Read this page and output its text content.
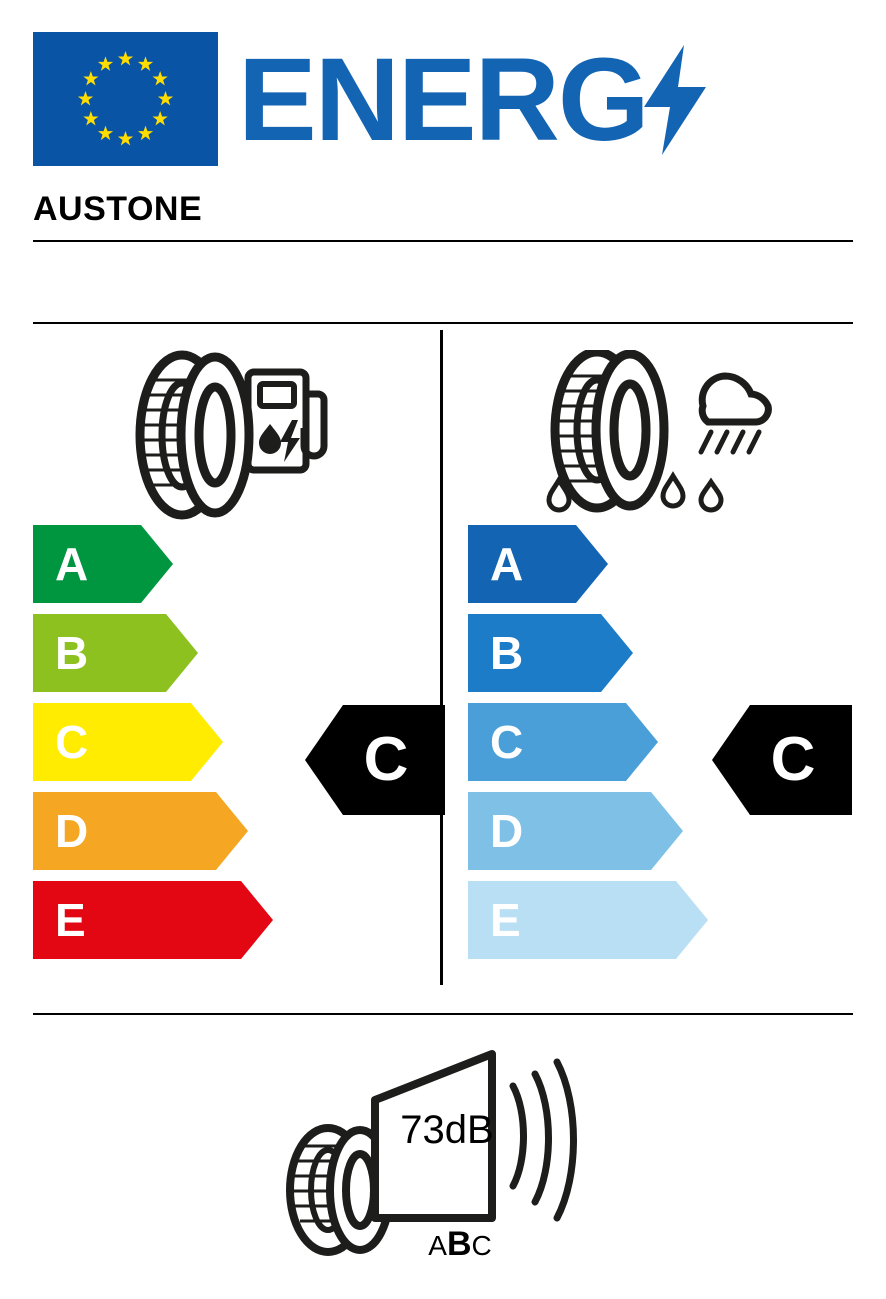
ENERG
AUSTONE
A
B
C
D
E
A
B
C
D
E
C	C
73dB
ABC
